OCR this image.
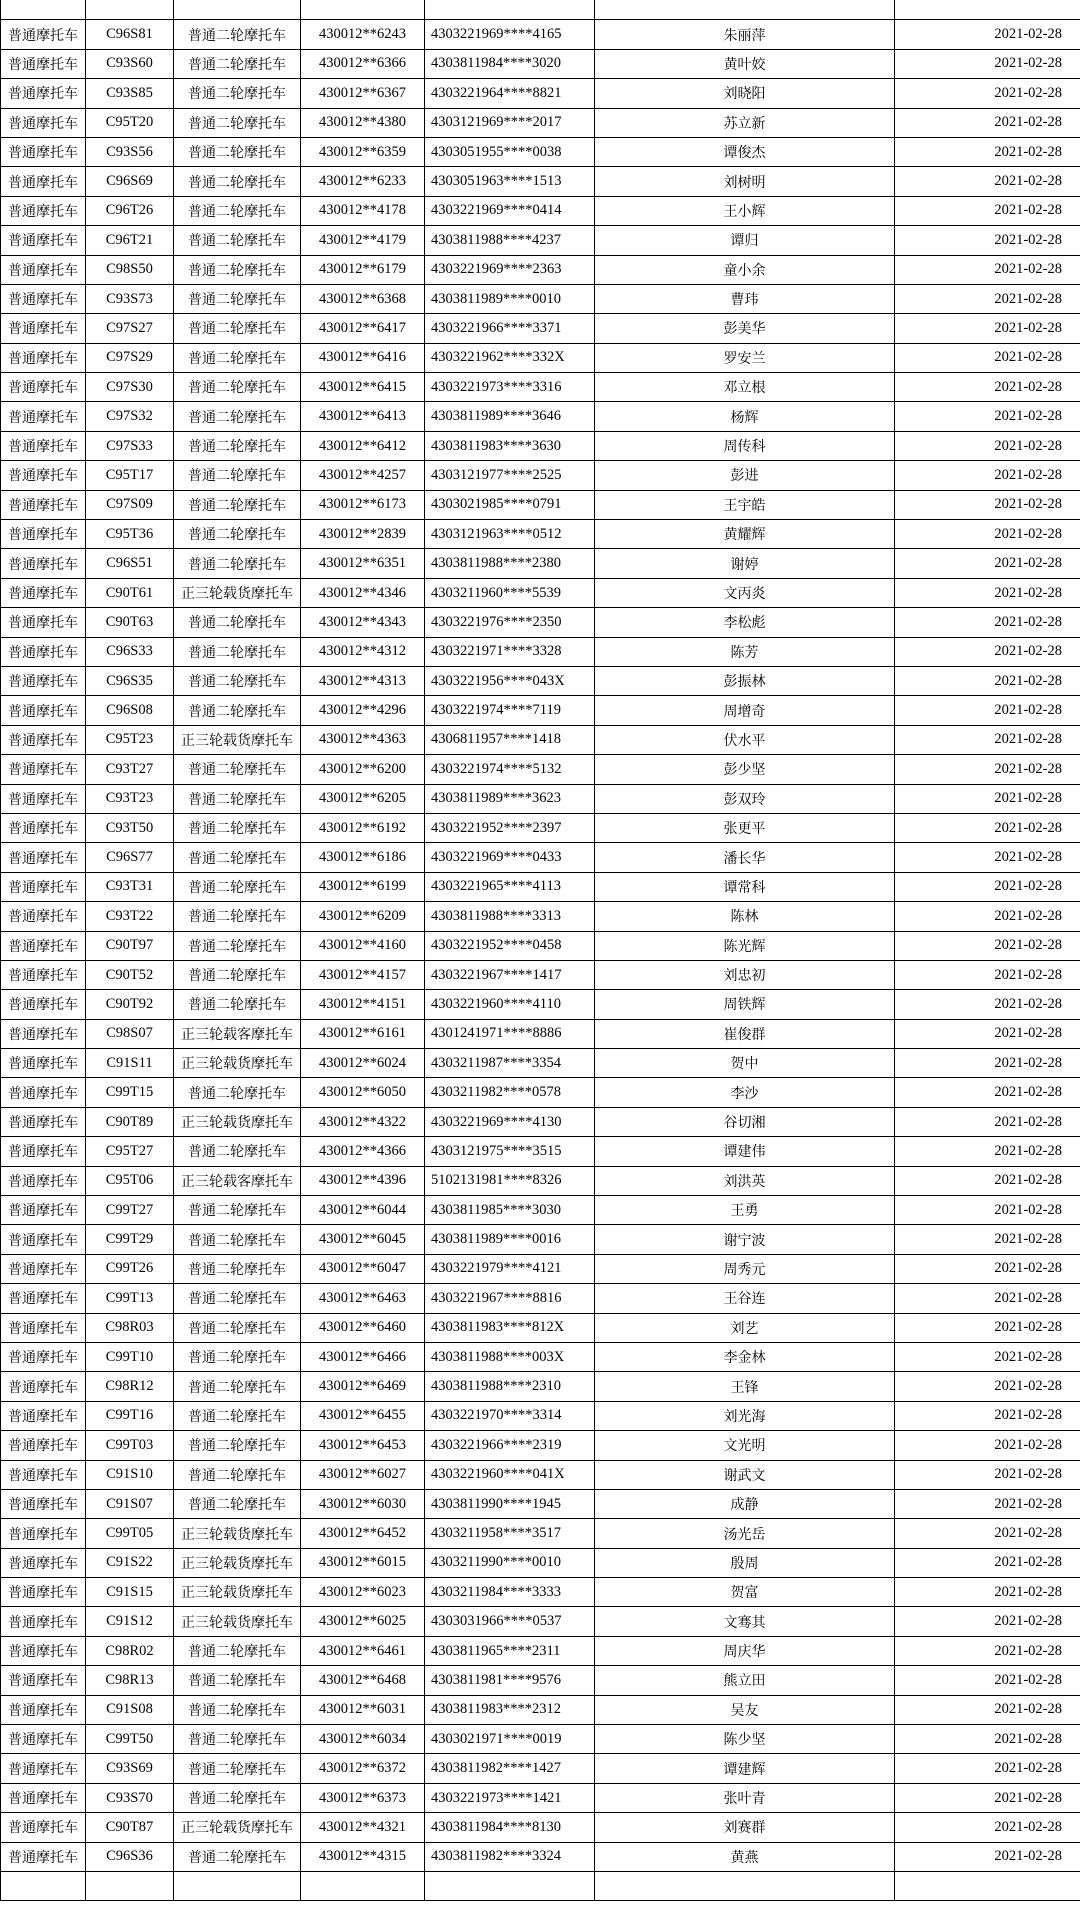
普通摩托车	C96S81	普通二轮摩托车	430012**6243	4303221969****4165	朱丽萍	2021-02-28
普通摩托车	C93S60	普通二轮摩托车	430012**6366	4303811984****3020	黄叶姣	2021-02-28
普通摩托车	C93S85	普通二轮摩托车	430012**6367	4303221964****8821	刘晓阳	2021-02-28
普通摩托车	C95T20	普通二轮摩托车	430012**4380	4303121969****2017	苏立新	2021-02-28
普通摩托车	C93S56	普通二轮摩托车	430012**6359	4303051955****0038	谭俊杰	2021-02-28
普通摩托车	C96S69	普通二轮摩托车	430012**6233	4303051963****1513	刘树明	2021-02-28
普通摩托车	C96T26	普通二轮摩托车	430012**4178	4303221969****0414	王小辉	2021-02-28
普通摩托车	C96T21	普通二轮摩托车	430012**4179	4303811988****4237	谭归	2021-02-28
普通摩托车	C98S50	普通二轮摩托车	430012**6179	4303221969****2363	童小余	2021-02-28
普通摩托车	C93S73	普通二轮摩托车	430012**6368	4303811989****0010	曹玮	2021-02-28
普通摩托车	C97S27	普通二轮摩托车	430012**6417	4303221966****3371	彭美华	2021-02-28
普通摩托车	C97S29	普通二轮摩托车	430012**6416	4303221962****332X	罗安兰	2021-02-28
普通摩托车	C97S30	普通二轮摩托车	430012**6415	4303221973****3316	邓立根	2021-02-28
普通摩托车	C97S32	普通二轮摩托车	430012**6413	4303811989****3646	杨辉	2021-02-28
普通摩托车	C97S33	普通二轮摩托车	430012**6412	4303811983****3630	周传科	2021-02-28
普通摩托车	C95T17	普通二轮摩托车	430012**4257	4303121977****2525	彭进	2021-02-28
普通摩托车	C97S09	普通二轮摩托车	430012**6173	4303021985****0791	王宇皓	2021-02-28
普通摩托车	C95T36	普通二轮摩托车	430012**2839	4303121963****0512	黄耀辉	2021-02-28
普通摩托车	C96S51	普通二轮摩托车	430012**6351	4303811988****2380	谢婷	2021-02-28
普通摩托车	C90T61	正三轮载货摩托车	430012**4346	4303211960****5539	文丙炎	2021-02-28
普通摩托车	C90T63	普通二轮摩托车	430012**4343	4303221976****2350	李松彪	2021-02-28
普通摩托车	C96S33	普通二轮摩托车	430012**4312	4303221971****3328	陈芳	2021-02-28
普通摩托车	C96S35	普通二轮摩托车	430012**4313	4303221956****043X	彭振林	2021-02-28
普通摩托车	C96S08	普通二轮摩托车	430012**4296	4303221974****7119	周增奇	2021-02-28
普通摩托车	C95T23	正三轮载货摩托车	430012**4363	4306811957****1418	伏水平	2021-02-28
普通摩托车	C93T27	普通二轮摩托车	430012**6200	4303221974****5132	彭少坚	2021-02-28
普通摩托车	C93T23	普通二轮摩托车	430012**6205	4303811989****3623	彭双玲	2021-02-28
普通摩托车	C93T50	普通二轮摩托车	430012**6192	4303221952****2397	张更平	2021-02-28
普通摩托车	C96S77	普通二轮摩托车	430012**6186	4303221969****0433	潘长华	2021-02-28
普通摩托车	C93T31	普通二轮摩托车	430012**6199	4303221965****4113	谭常科	2021-02-28
普通摩托车	C93T22	普通二轮摩托车	430012**6209	4303811988****3313	陈林	2021-02-28
普通摩托车	C90T97	普通二轮摩托车	430012**4160	4303221952****0458	陈光辉	2021-02-28
普通摩托车	C90T52	普通二轮摩托车	430012**4157	4303221967****1417	刘忠初	2021-02-28
普通摩托车	C90T92	普通二轮摩托车	430012**4151	4303221960****4110	周铁辉	2021-02-28
普通摩托车	C98S07	正三轮载客摩托车	430012**6161	4301241971****8886	崔俊群	2021-02-28
普通摩托车	C91S11	正三轮载货摩托车	430012**6024	4303211987****3354	贺中	2021-02-28
普通摩托车	C99T15	普通二轮摩托车	430012**6050	4303211982****0578	李沙	2021-02-28
普通摩托车	C90T89	正三轮载货摩托车	430012**4322	4303221969****4130	谷切湘	2021-02-28
普通摩托车	C95T27	普通二轮摩托车	430012**4366	4303121975****3515	谭建伟	2021-02-28
普通摩托车	C95T06	正三轮载客摩托车	430012**4396	5102131981****8326	刘洪英	2021-02-28
普通摩托车	C99T27	普通二轮摩托车	430012**6044	4303811985****3030	王勇	2021-02-28
普通摩托车	C99T29	普通二轮摩托车	430012**6045	4303811989****0016	谢宁波	2021-02-28
普通摩托车	C99T26	普通二轮摩托车	430012**6047	4303221979****4121	周秀元	2021-02-28
普通摩托车	C99T13	普通二轮摩托车	430012**6463	4303221967****8816	王谷连	2021-02-28
普通摩托车	C98R03	普通二轮摩托车	430012**6460	4303811983****812X	刘艺	2021-02-28
普通摩托车	C99T10	普通二轮摩托车	430012**6466	4303811988****003X	李金林	2021-02-28
普通摩托车	C98R12	普通二轮摩托车	430012**6469	4303811988****2310	王锋	2021-02-28
普通摩托车	C99T16	普通二轮摩托车	430012**6455	4303221970****3314	刘光海	2021-02-28
普通摩托车	C99T03	普通二轮摩托车	430012**6453	4303221966****2319	文光明	2021-02-28
普通摩托车	C91S10	普通二轮摩托车	430012**6027	4303221960****041X	谢武文	2021-02-28
普通摩托车	C91S07	普通二轮摩托车	430012**6030	4303811990****1945	成静	2021-02-28
普通摩托车	C99T05	正三轮载货摩托车	430012**6452	4303211958****3517	汤光岳	2021-02-28
普通摩托车	C91S22	正三轮载货摩托车	430012**6015	4303211990****0010	殷周	2021-02-28
普通摩托车	C91S15	正三轮载货摩托车	430012**6023	4303211984****3333	贺富	2021-02-28
普通摩托车	C91S12	正三轮载货摩托车	430012**6025	4303031966****0537	文骞其	2021-02-28
普通摩托车	C98R02	普通二轮摩托车	430012**6461	4303811965****2311	周庆华	2021-02-28
普通摩托车	C98R13	普通二轮摩托车	430012**6468	4303811981****9576	熊立田	2021-02-28
普通摩托车	C91S08	普通二轮摩托车	430012**6031	4303811983****2312	吴友	2021-02-28
普通摩托车	C99T50	普通二轮摩托车	430012**6034	4303021971****0019	陈少坚	2021-02-28
普通摩托车	C93S69	普通二轮摩托车	430012**6372	4303811982****1427	谭建辉	2021-02-28
普通摩托车	C93S70	普通二轮摩托车	430012**6373	4303221973****1421	张叶青	2021-02-28
普通摩托车	C90T87	正三轮载货摩托车	430012**4321	4303811984****8130	刘赛群	2021-02-28
普通摩托车	C96S36	普通二轮摩托车	430012**4315	4303811982****3324	黄燕	2021-02-28
